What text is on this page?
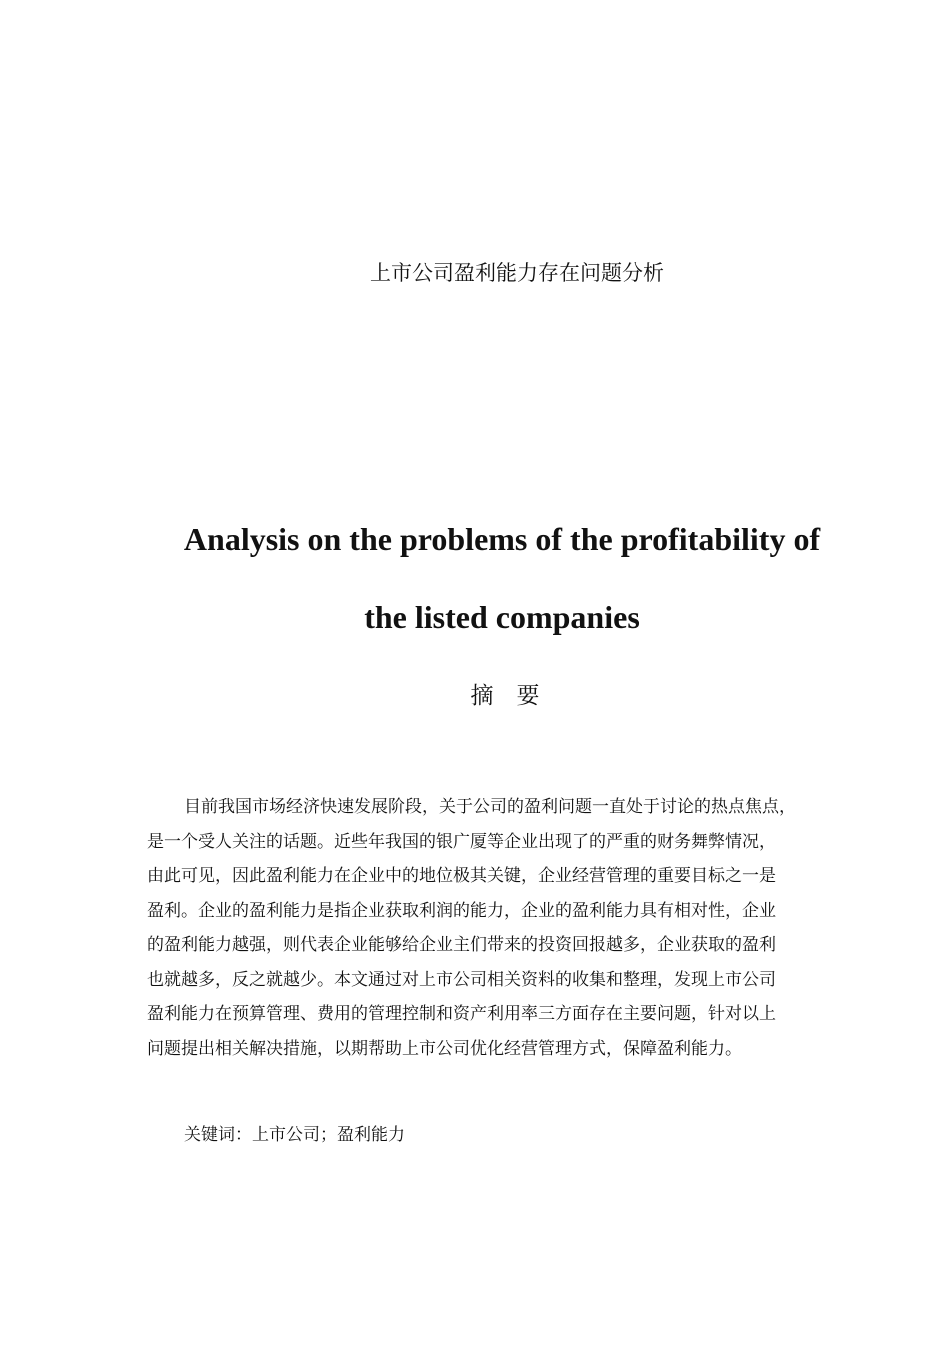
上市公司盈利能力存在问题分析
Analysis on the problems of the profitability of
the listed companies
摘　要
目前我国市场经济快速发展阶段，关于公司的盈利问题一直处于讨论的热点焦点，
是一个受人关注的话题。近些年我国的银广厦等企业出现了的严重的财务舞弊情况，
由此可见，因此盈利能力在企业中的地位极其关键，企业经营管理的重要目标之一是
盈利。企业的盈利能力是指企业获取利润的能力，企业的盈利能力具有相对性，企业
的盈利能力越强，则代表企业能够给企业主们带来的投资回报越多，企业获取的盈利
也就越多，反之就越少。本文通过对上市公司相关资料的收集和整理，发现上市公司
盈利能力在预算管理、费用的管理控制和资产利用率三方面存在主要问题，针对以上
问题提出相关解决措施，以期帮助上市公司优化经营管理方式，保障盈利能力。
关键词：上市公司；盈利能力
